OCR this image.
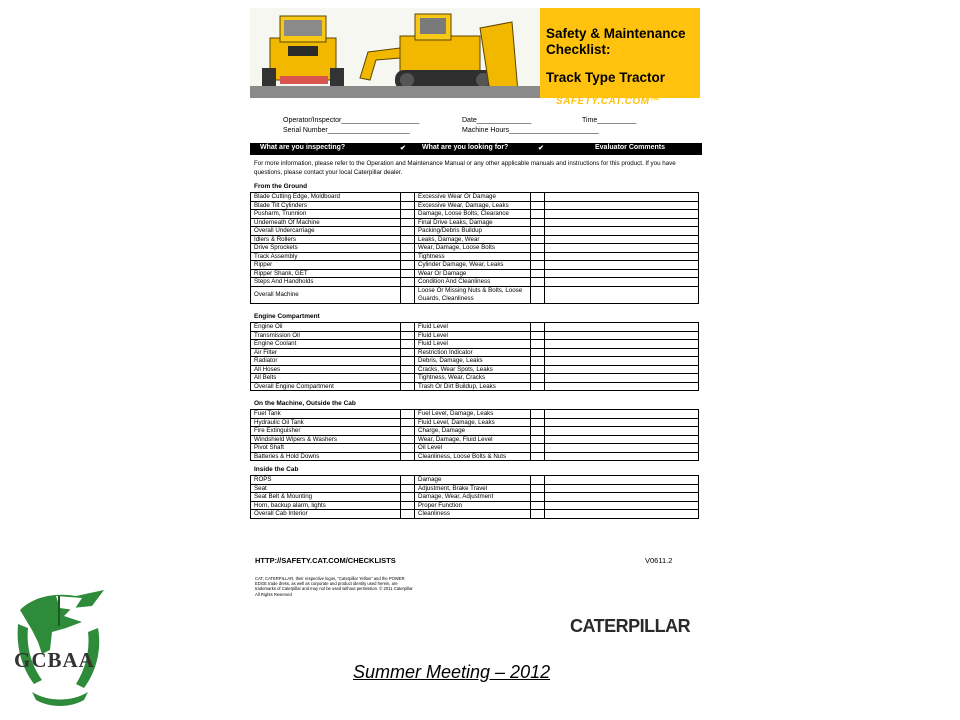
Safety & Maintenance
Checklist:
Track Type Tractor
SAFETY.CAT.COM™
Operator/Inspector____________________
Serial Number_____________________
Date______________
Machine Hours_______________________
Time__________
What are you inspecting?	✔ What are you looking for?	✔	Evaluator Comments
For more information, please refer to the Operation and Maintenance Manual or any other applicable manuals and instructions for this product. If you have questions, please contact your local Caterpillar dealer.
From the Ground
Blade Cutting Edge, Moldboard		Excessive Wear Or Damage		
Blade Tilt Cylinders		Excessive Wear, Damage, Leaks		
Pusharm, Trunnion		Damage, Loose Bolts, Clearance		
Underneath Of Machine		Final Drive Leaks, Damage		
Overall Undercarriage		Packing/Debris Buildup		
Idlers & Rollers		Leaks, Damage, Wear		
Drive Sprockets		Wear, Damage, Loose Bolts		
Track Assembly		Tightness		
Ripper		Cylinder Damage, Wear, Leaks		
Ripper Shank, GET		Wear Or Damage		
Steps And Handholds		Condition And Cleanliness		
Overall Machine		Loose Or Missing Nuts & Bolts, Loose Guards, Cleanliness		
Engine Compartment
Engine Oil		Fluid Level		
Transmission Oil		Fluid Level		
Engine Coolant		Fluid Level		
Air Filter		Restriction Indicator		
Radiator		Debris, Damage, Leaks		
All Hoses		Cracks, Wear Spots, Leaks		
All Belts		Tightness, Wear, Cracks		
Overall Engine Compartment		Trash Or Dirt Buildup, Leaks		
On the Machine, Outside the Cab
Fuel Tank		Fuel Level, Damage, Leaks		
Hydraulic Oil Tank		Fluid Level, Damage, Leaks		
Fire Extinguisher		Charge, Damage		
Windshield Wipers & Washers		Wear, Damage, Fluid Level		
Pivot Shaft		Oil Level		
Batteries & Hold Downs		Cleanliness, Loose Bolts & Nuts		
Inside the Cab
ROPS		Damage		
Seat		Adjustment, Brake Travel		
Seat Belt & Mounting		Damage, Wear, Adjustment		
Horn, backup alarm, lights		Proper Function		
Overall Cab Interior		Cleanliness		
HTTP://SAFETY.CAT.COM/CHECKLISTS	V0611.2
CAT, CATERPILLAR, their respective logos, "Caterpillar Yellow" and the POWER EDGE trade dress, as well as corporate and product identity used herein, are trademarks of Caterpillar and may not be used without permission. © 2011 Caterpillar All Rights Reserved
CATERPILLAR
GCBAA	Summer Meeting – 2012
